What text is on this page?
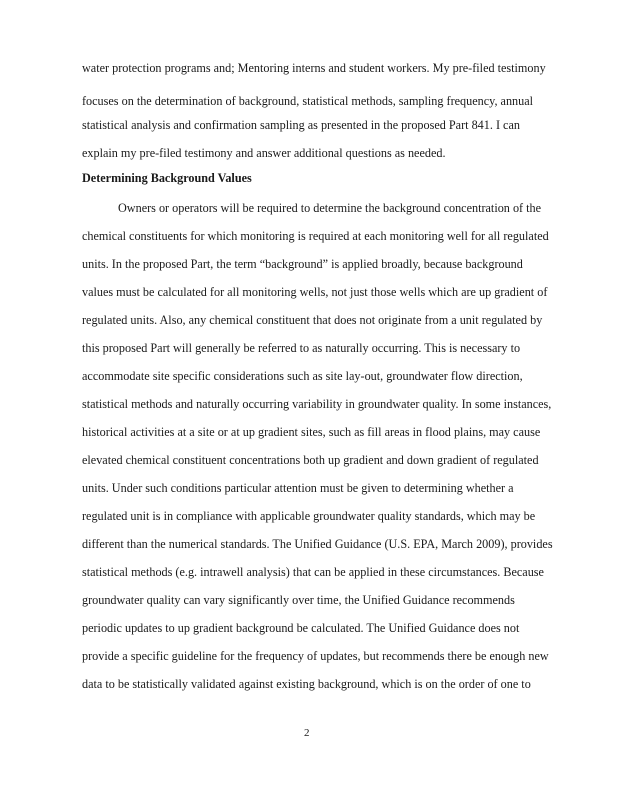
water protection programs and; Mentoring interns and student workers. My pre-filed testimony
focuses on the determination of background, statistical methods, sampling frequency, annual
statistical analysis and confirmation sampling as presented in the proposed Part 841. I can
explain my pre-filed testimony and answer additional questions as needed.
Determining Background Values
Owners or operators will be required to determine the background concentration of the
chemical constituents for which monitoring is required at each monitoring well for all regulated
units. In the proposed Part, the term “background” is applied broadly, because background
values must be calculated for all monitoring wells, not just those wells which are up gradient of
regulated units. Also, any chemical constituent that does not originate from a unit regulated by
this proposed Part will generally be referred to as naturally occurring. This is necessary to
accommodate site specific considerations such as site lay-out, groundwater flow direction,
statistical methods and naturally occurring variability in groundwater quality. In some instances,
historical activities at a site or at up gradient sites, such as fill areas in flood plains, may cause
elevated chemical constituent concentrations both up gradient and down gradient of regulated
units. Under such conditions particular attention must be given to determining whether a
regulated unit is in compliance with applicable groundwater quality standards, which may be
different than the numerical standards. The Unified Guidance (U.S. EPA, March 2009), provides
statistical methods (e.g. intrawell analysis) that can be applied in these circumstances. Because
groundwater quality can vary significantly over time, the Unified Guidance recommends
periodic updates to up gradient background be calculated. The Unified Guidance does not
provide a specific guideline for the frequency of updates, but recommends there be enough new
data to be statistically validated against existing background, which is on the order of one to
2
